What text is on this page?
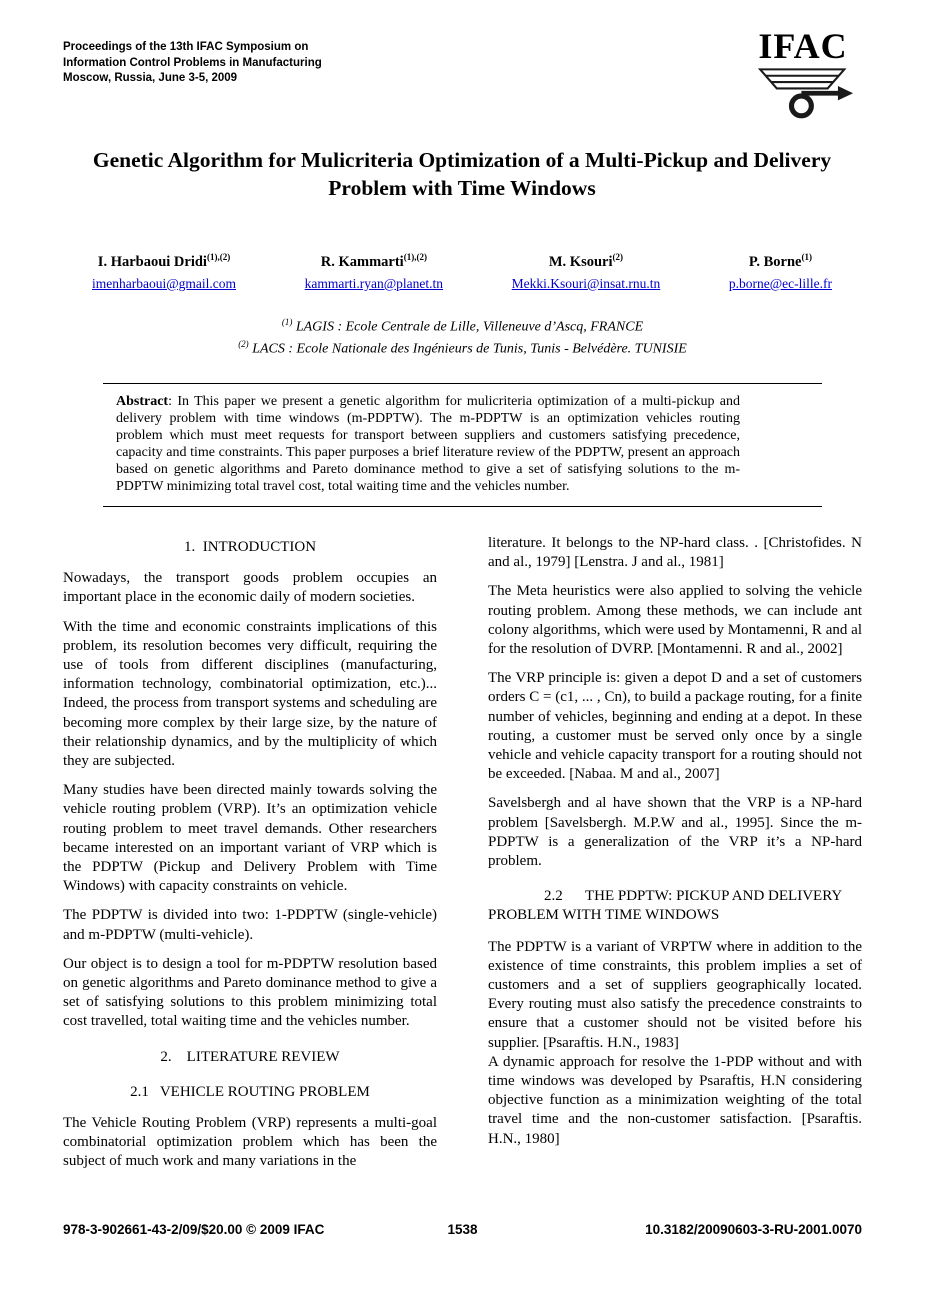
Proceedings of the 13th IFAC Symposium on
Information Control Problems in Manufacturing
Moscow, Russia, June 3-5, 2009
IFAC
Genetic Algorithm for Mulicriteria Optimization of a Multi-Pickup and Delivery Problem with Time Windows
I. Harbaoui Dridi$^{(1),(2)}$
imenharbaoui@gmail.com
R. Kammarti$^{(1),(2)}$
kammarti.ryan@planet.tn
M. Ksouri$^{(2)}$
Mekki.Ksouri@insat.rnu.tn
P. Borne$^{(1)}$
p.borne@ec-lille.fr
$^{(1)}$ LAGIS : Ecole Centrale de Lille, Villeneuve d’Ascq, FRANCE
$^{(2)}$ LACS : Ecole Nationale des Ingénieurs de Tunis, Tunis - Belvédère. TUNISIE

Abstract: In This paper we present a genetic algorithm for mulicriteria optimization of a multi-pickup and delivery problem with time windows (m-PDPTW). The m-PDPTW is an optimization vehicles routing problem which must meet requests for transport between suppliers and customers satisfying precedence, capacity and time constraints. This paper purposes a brief literature review of the PDPTW, present an approach based on genetic algorithms and Pareto dominance method to give a set of satisfying solutions to the m-PDPTW minimizing total travel cost, total waiting time and the vehicles number.

1.  INTRODUCTION

Nowadays, the transport goods problem occupies an important place in the economic daily of modern societies.

With the time and economic constraints implications of this problem, its resolution becomes very difficult, requiring the use of tools from different disciplines (manufacturing, information technology, combinatorial optimization, etc.)... Indeed, the process from transport systems and scheduling are becoming more complex by their large size, by the nature of their relationship dynamics, and by the multiplicity of which they are subjected.

Many studies have been directed mainly towards solving the vehicle routing problem (VRP). It’s an optimization vehicle routing problem to meet travel demands. Other researchers became interested on an important variant of VRP which is the PDPTW (Pickup and Delivery Problem with Time Windows) with capacity constraints on vehicle.

The PDPTW is divided into two: 1-PDPTW (single-vehicle) and m-PDPTW (multi-vehicle).

Our object is to design a tool for m-PDPTW resolution based on genetic algorithms and Pareto dominance method to give a set of satisfying solutions to this problem minimizing total cost travelled, total waiting time and the vehicles number.

2.    LITERATURE REVIEW
2.1   VEHICLE ROUTING PROBLEM

The Vehicle Routing Problem (VRP) represents a multi-goal combinatorial optimization problem which has been the subject of much work and many variations in the

literature. It belongs to the NP-hard class. . [Christofides. N and al., 1979] [Lenstra. J and al., 1981]

The Meta heuristics were also applied to solving the vehicle routing problem. Among these methods, we can include ant colony algorithms, which were used by Montamenni, R and al for the resolution of DVRP. [Montamenni. R and al., 2002]

The VRP principle is: given a depot D and a set of customers orders C = (c1, ... , Cn), to build a package routing, for a finite number of vehicles, beginning and ending at a depot. In these routing, a customer must be served only once by a single vehicle and vehicle capacity transport for a routing should not be exceeded. [Nabaa. M and al., 2007]

Savelsbergh and al have shown that the VRP is a NP-hard problem [Savelsbergh. M.P.W and al., 1995]. Since the m-PDPTW is a generalization of the VRP it’s a NP-hard problem.

2.2      THE PDPTW: PICKUP AND DELIVERY PROBLEM WITH TIME WINDOWS

The PDPTW is a variant of VRPTW where in addition to the existence of time constraints, this problem implies a set of customers and a set of suppliers geographically located. Every routing must also satisfy the precedence constraints to ensure that a customer should not be visited before his supplier. [Psaraftis. H.N., 1983]

A dynamic approach for resolve the 1-PDP without and with time windows was developed by Psaraftis, H.N considering objective function as a minimization weighting of the total travel time and the non-customer satisfaction. [Psaraftis. H.N., 1980]

978-3-902661-43-2/09/$20.00 © 2009 IFAC	1538	10.3182/20090603-3-RU-2001.0070
